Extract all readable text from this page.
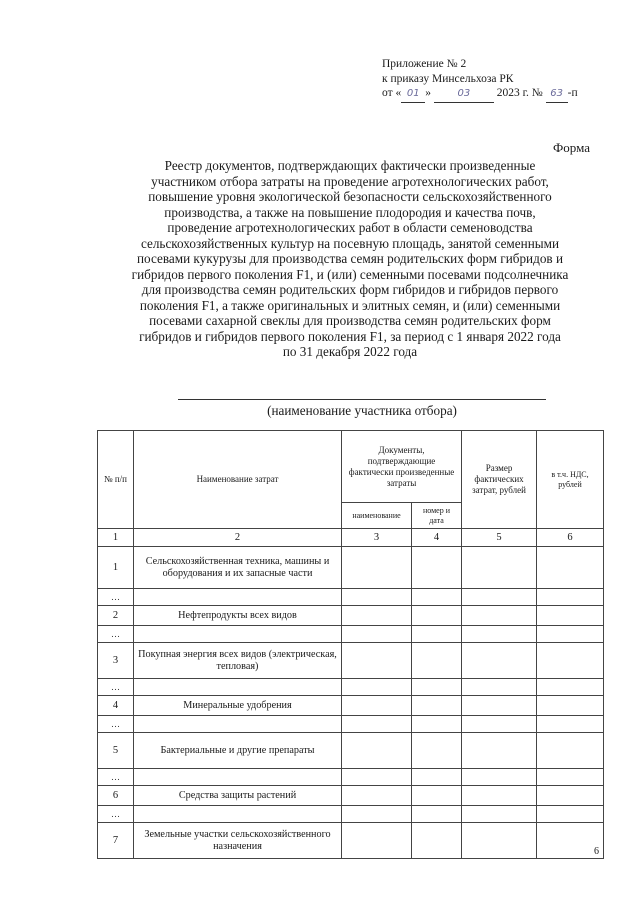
Приложение № 2
к приказу Минсельхоза РК
от « 01 »	03 2023 г. № 63 -п
Форма
Реестр документов, подтверждающих фактически произведенные
участником отбора затраты на проведение агротехнологических работ,
повышение уровня экологической безопасности сельскохозяйственного
производства, а также на повышение плодородия и качества почв,
проведение агротехнологических работ в области семеноводства
сельскохозяйственных культур на посевную площадь, занятой семенными
посевами кукурузы для производства семян родительских форм гибридов и
гибридов первого поколения F1, и (или) семенными посевами подсолнечника
для производства семян родительских форм гибридов и гибридов первого
поколения F1, а также оригинальных и элитных семян, и (или) семенными
посевами сахарной свеклы для производства семян родительских форм
гибридов и гибридов первого поколения F1, за период с 1 января 2022 года
по 31 декабря 2022 года
(наименование участника отбора)
№ п/п	Наименование затрат	Документы, подтверждающие фактически произведенные затраты		Размер фактических затрат, рублей	в т.ч. НДС, рублей
		наименование	номер и дата		
1	2	3	4	5	6
1	Сельскохозяйственная техника, машины и оборудования и их запасные части				
…					
2	Нефтепродукты всех видов				
…					
3	Покупная энергия всех видов (электрическая, тепловая)				
…					
4	Минеральные удобрения				
…					
5	Бактериальные и другие препараты				
…					
6	Средства защиты растений				
…					
7	Земельные участки сельскохозяйственного назначения					6
